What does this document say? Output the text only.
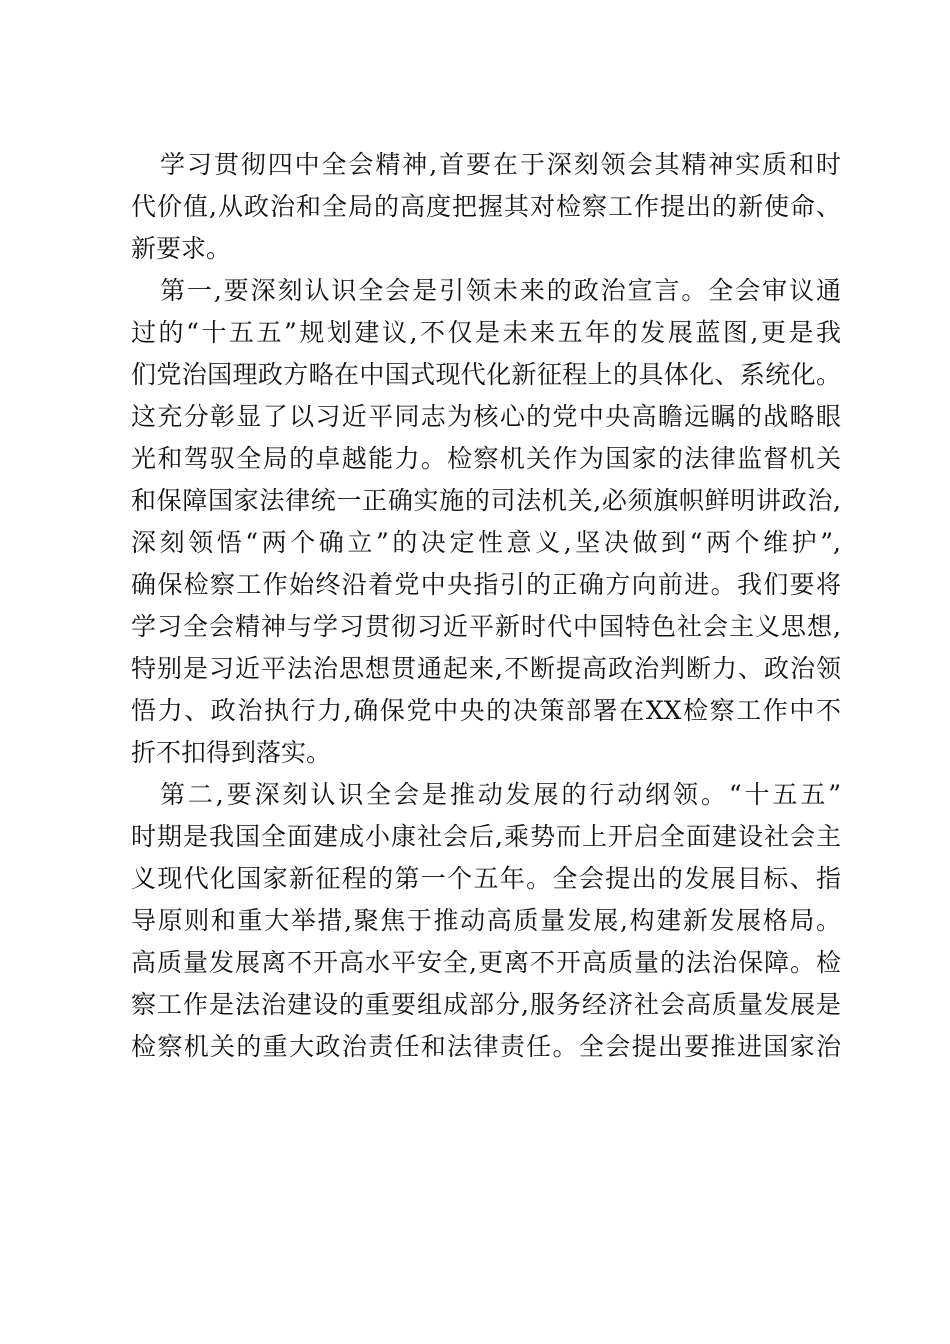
学习贯彻四中全会精神,首要在于深刻领会其精神实质和时
代价值,从政治和全局的高度把握其对检察工作提出的新使命、
新要求。
第一,要深刻认识全会是引领未来的政治宣言。全会审议通
过的“十五五”规划建议,不仅是未来五年的发展蓝图,更是我
们党治国理政方略在中国式现代化新征程上的具体化、系统化。
这充分彰显了以习近平同志为核心的党中央高瞻远瞩的战略眼
光和驾驭全局的卓越能力。检察机关作为国家的法律监督机关
和保障国家法律统一正确实施的司法机关,必须旗帜鲜明讲政治,
深刻领悟“两个确立”的决定性意义,坚决做到“两个维护”,
确保检察工作始终沿着党中央指引的正确方向前进。我们要将
学习全会精神与学习贯彻习近平新时代中国特色社会主义思想,
特别是习近平法治思想贯通起来,不断提高政治判断力、政治领
悟力、政治执行力,确保党中央的决策部署在XX检察工作中不
折不扣得到落实。
第二,要深刻认识全会是推动发展的行动纲领。“十五五”
时期是我国全面建成小康社会后,乘势而上开启全面建设社会主
义现代化国家新征程的第一个五年。全会提出的发展目标、指
导原则和重大举措,聚焦于推动高质量发展,构建新发展格局。
高质量发展离不开高水平安全,更离不开高质量的法治保障。检
察工作是法治建设的重要组成部分,服务经济社会高质量发展是
检察机关的重大政治责任和法律责任。全会提出要推进国家治
